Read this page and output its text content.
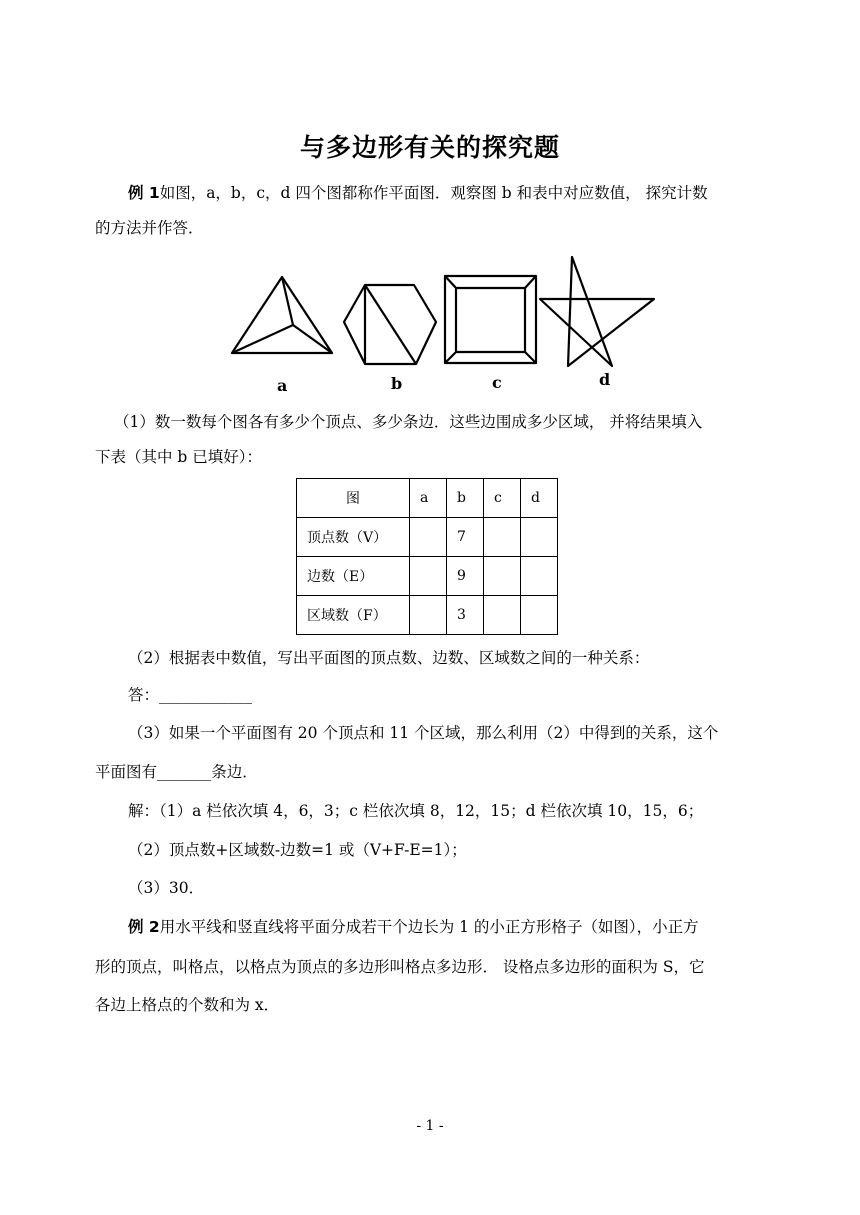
与多边形有关的探究题
例 1如图，a，b，c，d 四个图都称作平面图．观察图 b 和表中对应数值， 探究计数
的方法并作答．
a	b	c	d
（1）数一数每个图各有多少个顶点、多少条边．这些边围成多少区域， 并将结果填入
下表（其中 b 已填好）：
图	a	b	c	d
顶点数（V）		7		
边数（E）		9		
区域数（F）		3		
（2）根据表中数值，写出平面图的顶点数、边数、区域数之间的一种关系：
答：____________
（3）如果一个平面图有 20 个顶点和 11 个区域，那么利用（2）中得到的关系，这个
平面图有_______条边．
解：（1）a 栏依次填 4，6，3；c 栏依次填 8，12，15；d 栏依次填 10，15，6；
（2）顶点数+区域数-边数=1 或（V+F-E=1）；
（3）30．
例 2用水平线和竖直线将平面分成若干个边长为 1 的小正方形格子（如图），小正方
形的顶点，叫格点，以格点为顶点的多边形叫格点多边形． 设格点多边形的面积为 S，它
各边上格点的个数和为 x．
- 1 -
